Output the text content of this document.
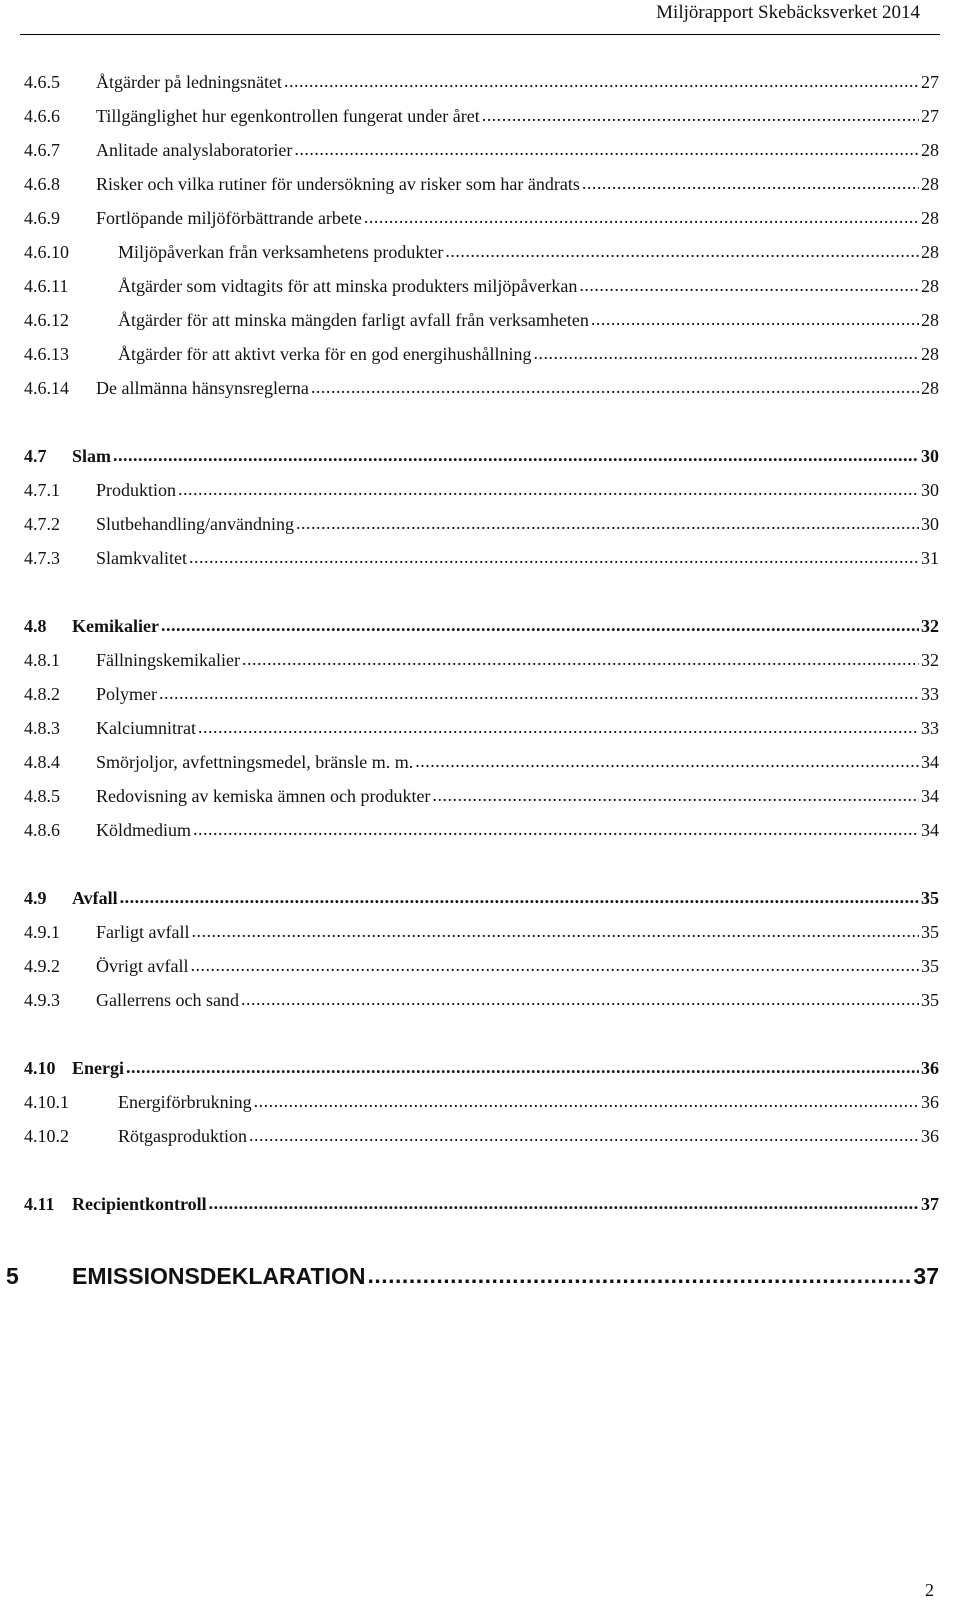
Miljörapport Skebäcksverket 2014
4.6.5	Åtgärder på ledningsnätet .....	27
4.6.6	Tillgänglighet hur egenkontrollen fungerat under året .....	27
4.6.7	Anlitade analyslaboratorier .....	28
4.6.8	Risker och vilka rutiner för undersökning av risker som har ändrats .....	28
4.6.9	Fortlöpande miljöförbättrande arbete .....	28
4.6.10	Miljöpåverkan från verksamhetens produkter .....	28
4.6.11	Åtgärder som vidtagits för att minska produkters miljöpåverkan .....	28
4.6.12	Åtgärder för att minska mängden farligt avfall från verksamheten .....	28
4.6.13	Åtgärder för att aktivt verka för en god energihushållning .....	28
4.6.14	De allmänna hänsynsreglerna .....	28
4.7	Slam .....	30
4.7.1	Produktion .....	30
4.7.2	Slutbehandling/användning .....	30
4.7.3	Slamkvalitet .....	31
4.8	Kemikalier .....	32
4.8.1	Fällningskemikalier .....	32
4.8.2	Polymer .....	33
4.8.3	Kalciumnitrat .....	33
4.8.4	Smörjoljor, avfettningsmedel, bränsle m. m. .....	34
4.8.5	Redovisning av kemiska ämnen och produkter .....	34
4.8.6	Köldmedium .....	34
4.9	Avfall .....	35
4.9.1	Farligt avfall .....	35
4.9.2	Övrigt avfall .....	35
4.9.3	Gallerrens och sand .....	35
4.10 Energi .....	36
4.10.1	Energiförbrukning .....	36
4.10.2	Rötgasproduktion .....	36
4.11 Recipientkontroll .....	37
5	EMISSIONSDEKLARATION .....	37
2
